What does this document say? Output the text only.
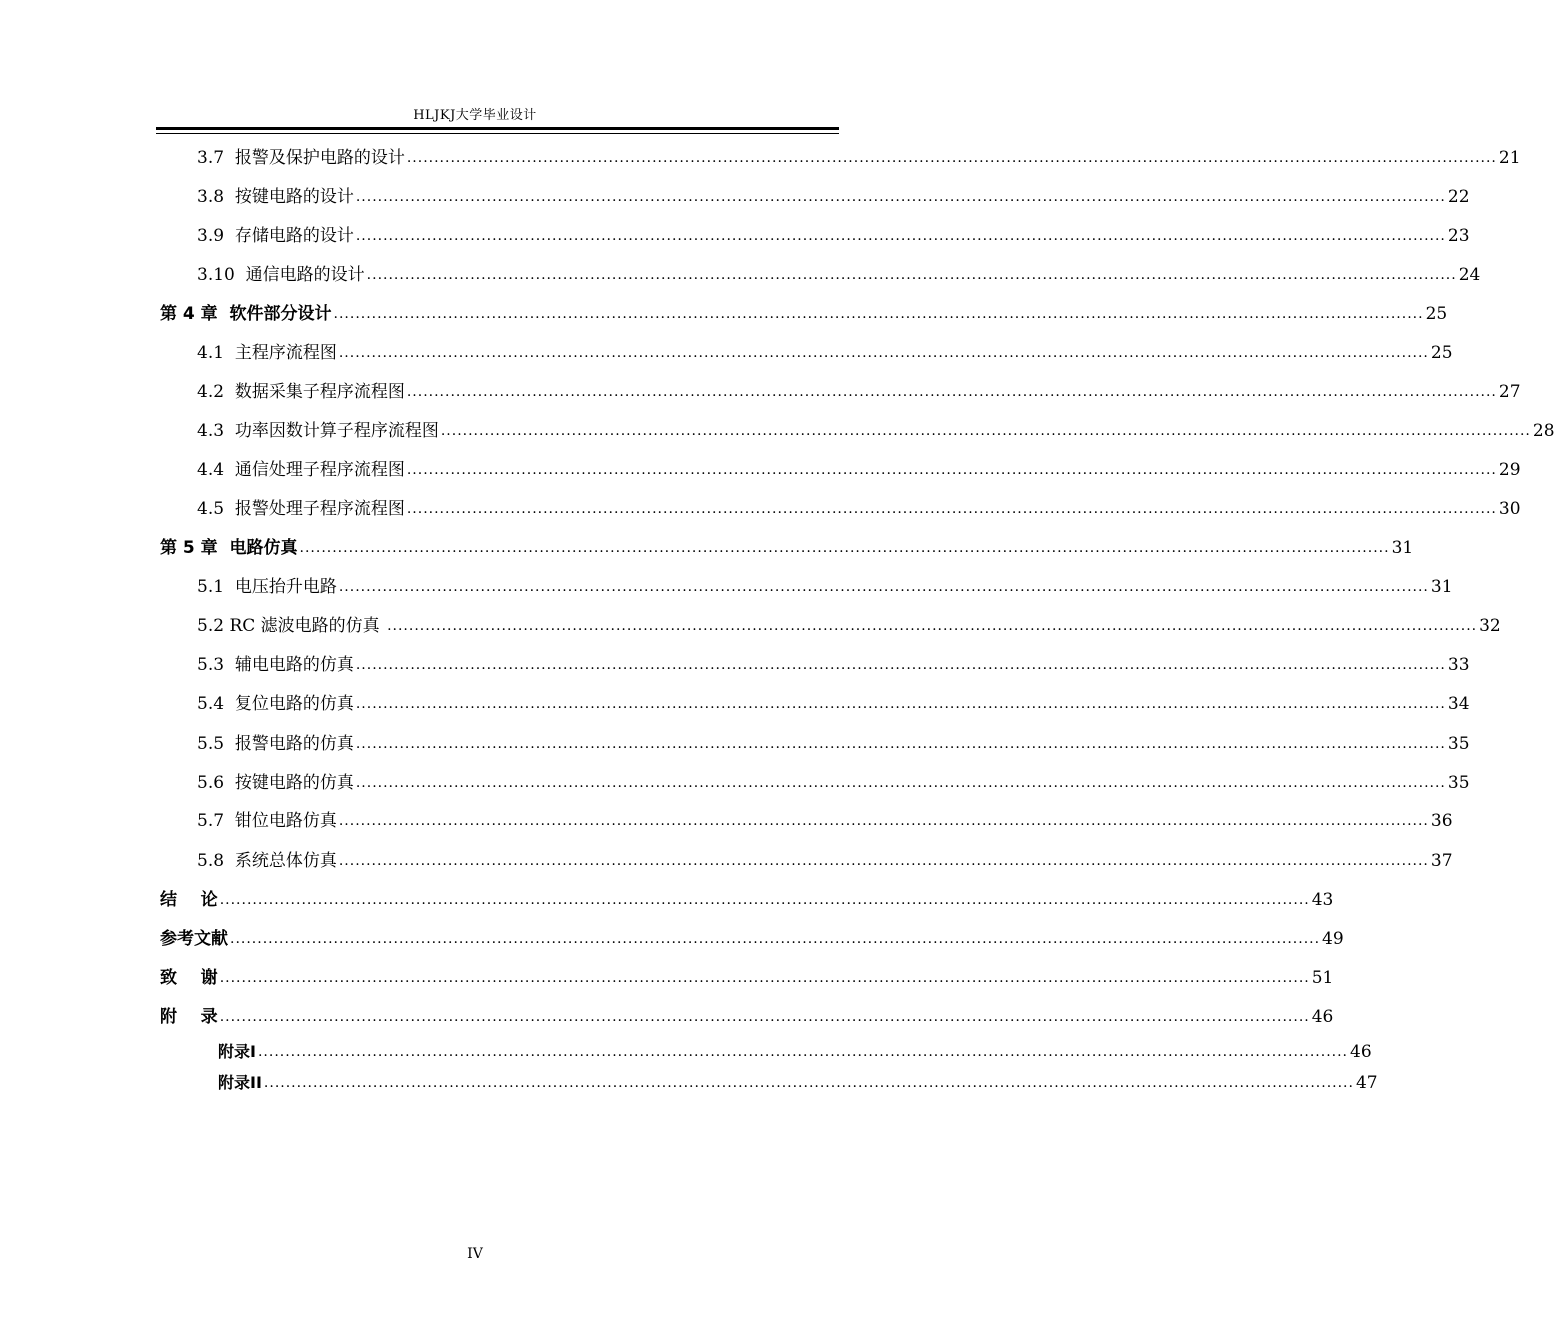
HLJKJ大学毕业设计
3.7  报警及保护电路的设计 ........................................................................................................................................................................................................ 21
3.8  按键电路的设计 ........................................................................................................................................................................................................ 22
3.9  存储电路的设计 ........................................................................................................................................................................................................ 23
3.10  通信电路的设计 ........................................................................................................................................................................................................ 24
第 4 章  软件部分设计 ........................................................................................................................................................................................................ 25
4.1  主程序流程图 ........................................................................................................................................................................................................ 25
4.2  数据采集子程序流程图 ........................................................................................................................................................................................................ 27
4.3  功率因数计算子程序流程图 ........................................................................................................................................................................................................ 28
4.4  通信处理子程序流程图 ........................................................................................................................................................................................................ 29
4.5  报警处理子程序流程图 ........................................................................................................................................................................................................ 30
第 5 章  电路仿真 ........................................................................................................................................................................................................ 31
5.1  电压抬升电路 ........................................................................................................................................................................................................ 31
5.2 RC 滤波电路的仿真 ........................................................................................................................................................................................................ 32
5.3  辅电电路的仿真 ........................................................................................................................................................................................................ 33
5.4  复位电路的仿真 ........................................................................................................................................................................................................ 34
5.5  报警电路的仿真 ........................................................................................................................................................................................................ 35
5.6  按键电路的仿真 ........................................................................................................................................................................................................ 35
5.7  钳位电路仿真 ........................................................................................................................................................................................................ 36
5.8  系统总体仿真 ........................................................................................................................................................................................................ 37
结    论 ........................................................................................................................................................................................................ 43
参考文献 ........................................................................................................................................................................................................ 49
致    谢 ........................................................................................................................................................................................................ 51
附    录 ........................................................................................................................................................................................................ 46
附录I ........................................................................................................................................................................................................ 46
附录II ........................................................................................................................................................................................................ 47
IV
